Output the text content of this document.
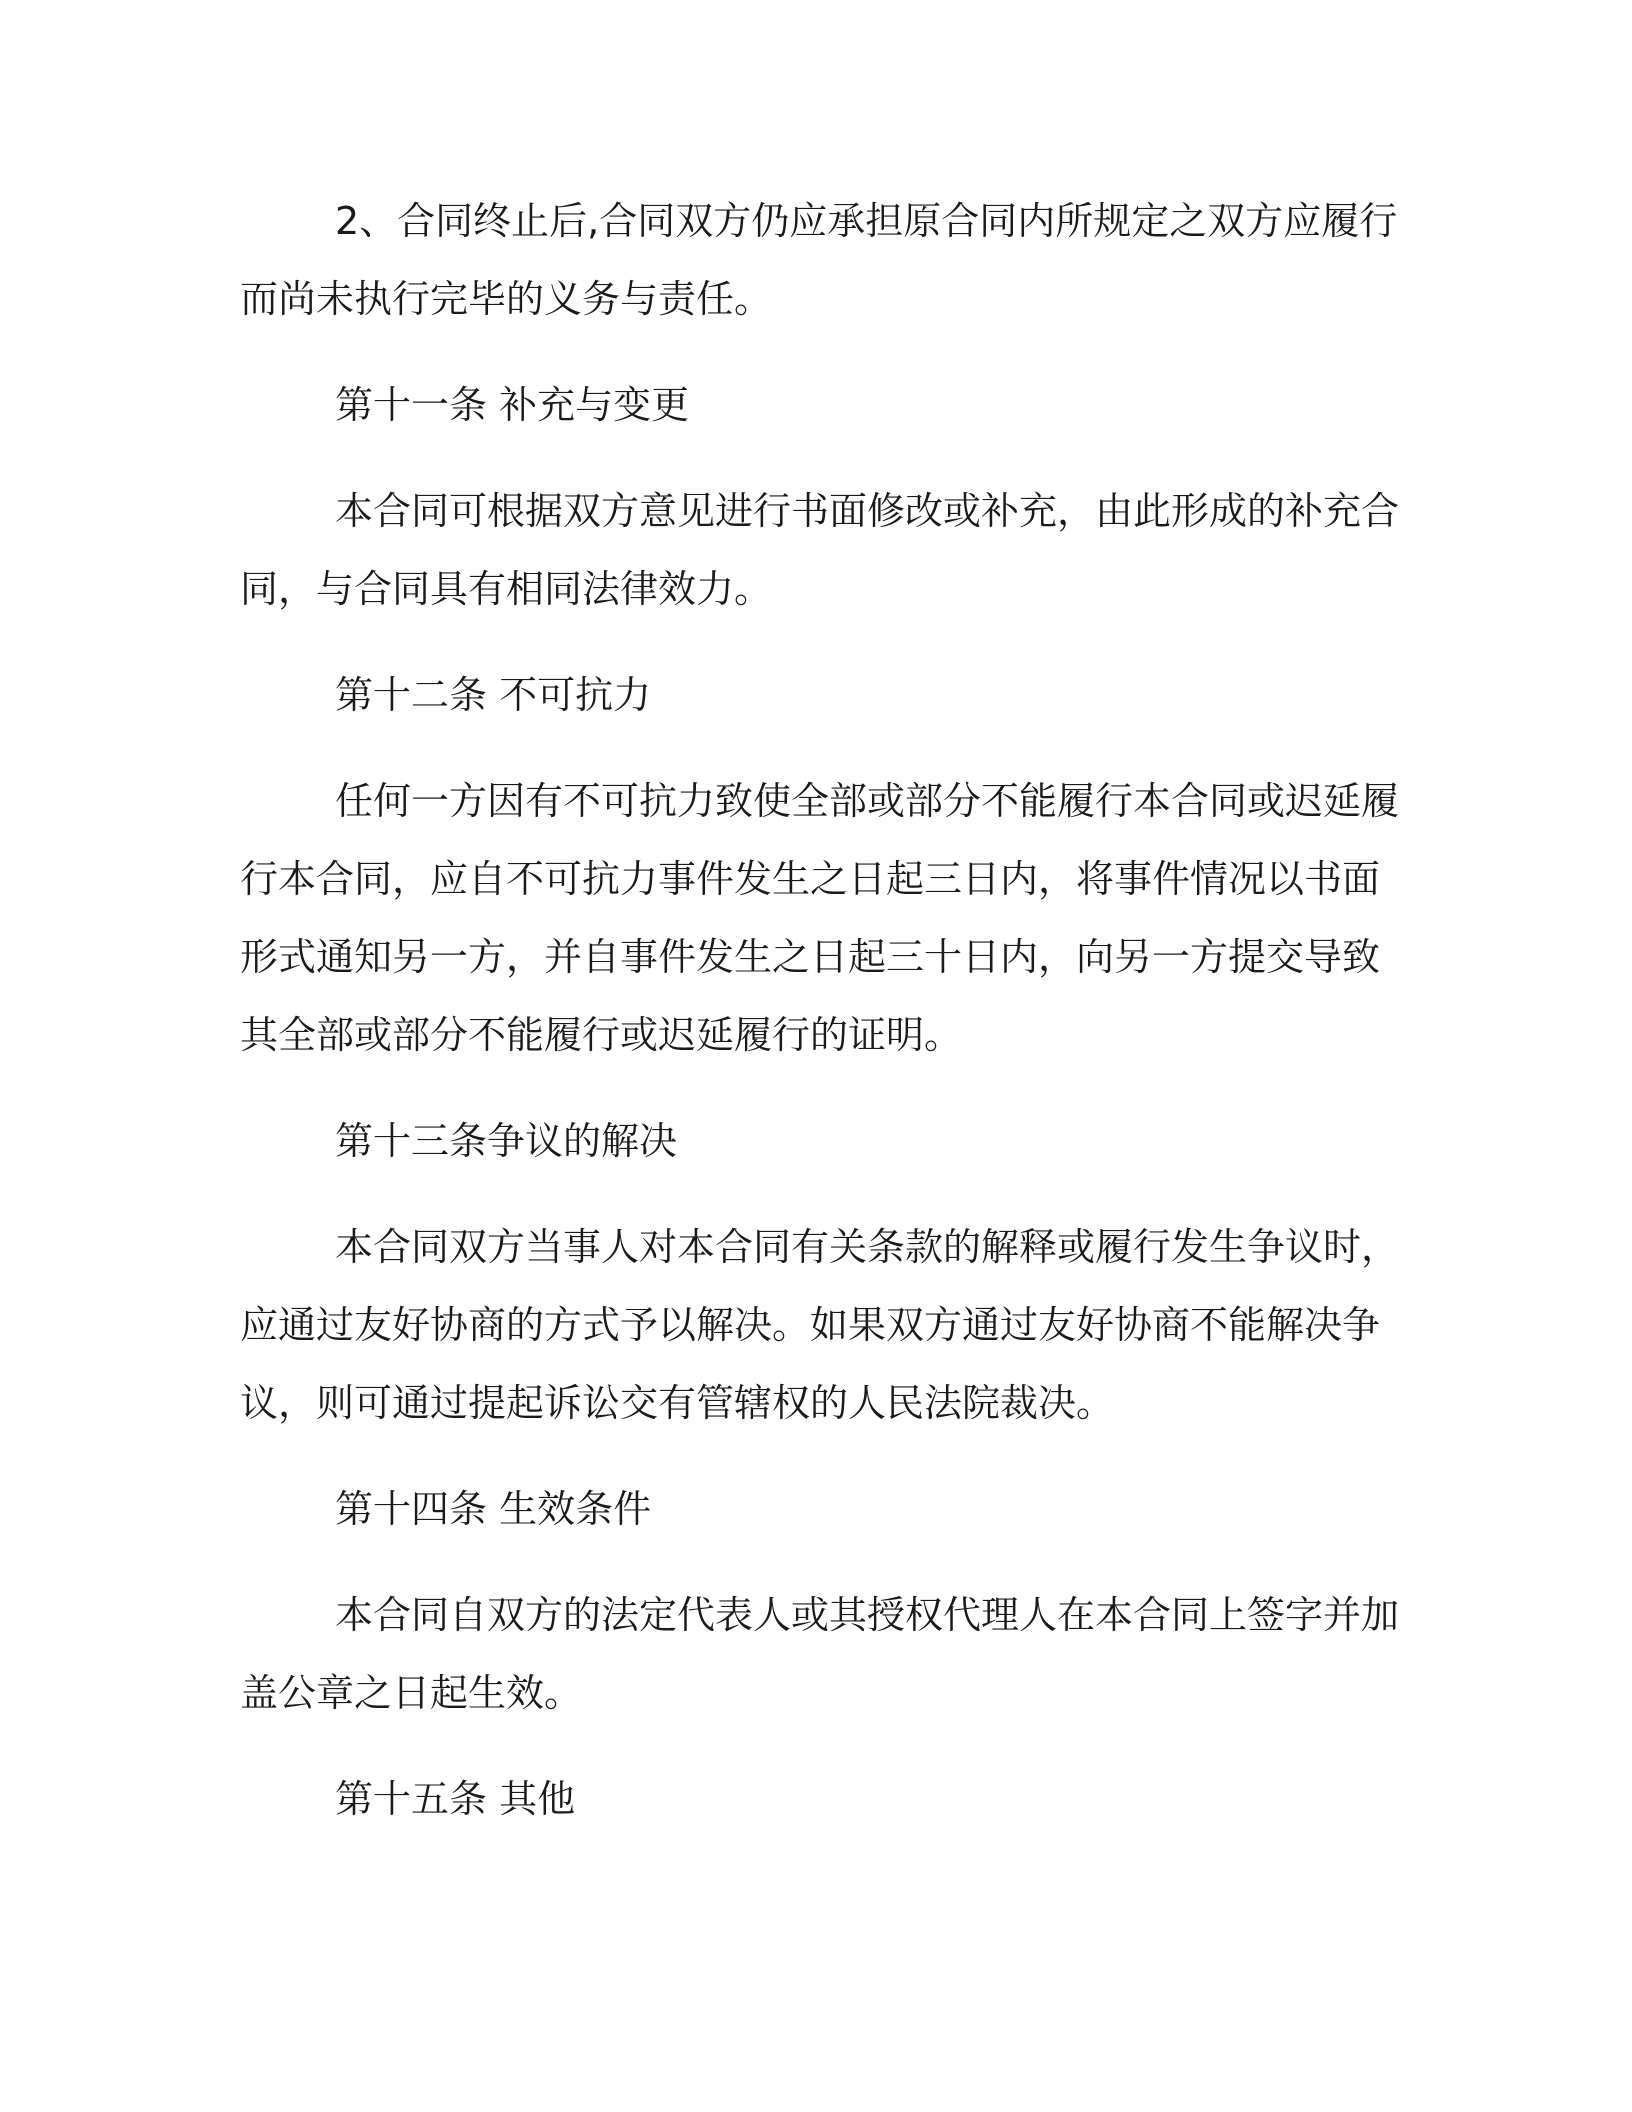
2、合同终止后,合同双方仍应承担原合同内所规定之双方应履行
而尚未执行完毕的义务与责任。
第十一条 补充与变更
本合同可根据双方意见进行书面修改或补充，由此形成的补充合
同，与合同具有相同法律效力。
第十二条 不可抗力
任何一方因有不可抗力致使全部或部分不能履行本合同或迟延履
行本合同，应自不可抗力事件发生之日起三日内，将事件情况以书面
形式通知另一方，并自事件发生之日起三十日内，向另一方提交导致
其全部或部分不能履行或迟延履行的证明。
第十三条争议的解决
本合同双方当事人对本合同有关条款的解释或履行发生争议时，
应通过友好协商的方式予以解决。如果双方通过友好协商不能解决争
议，则可通过提起诉讼交有管辖权的人民法院裁决。
第十四条 生效条件
本合同自双方的法定代表人或其授权代理人在本合同上签字并加
盖公章之日起生效。
第十五条 其他
